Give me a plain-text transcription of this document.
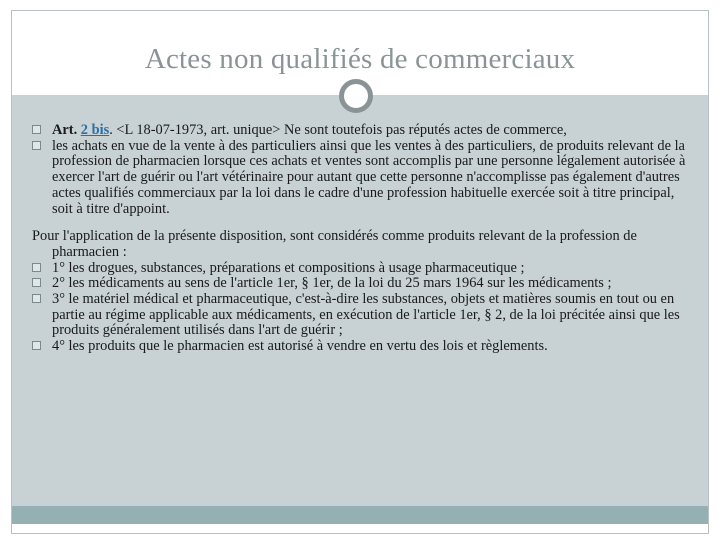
Actes non qualifiés de commerciaux

Art. 2 bis. <L 18-07-1973, art. unique> Ne sont toutefois pas réputés actes de commerce,

les achats en vue de la vente à des particuliers ainsi que les ventes à des particuliers, de produits relevant de la profession de pharmacien lorsque ces achats et ventes sont accomplis par une personne légalement autorisée à exercer l'art de guérir ou l'art vétérinaire pour autant que cette personne n'accomplisse pas également d'autres actes qualifiés commerciaux par la loi dans le cadre d'une profession habituelle exercée soit à titre principal, soit à titre d'appoint.

Pour l'application de la présente disposition, sont considérés comme produits relevant de la profession de pharmacien :

1° les drogues, substances, préparations et compositions à usage pharmaceutique ;

2° les médicaments au sens de l'article 1er, § 1er, de la loi du 25 mars 1964 sur les médicaments ;

3° le matériel médical et pharmaceutique, c'est-à-dire les substances, objets et matières soumis en tout ou en partie au régime applicable aux médicaments, en exécution de l'article 1er, § 2, de la loi précitée ainsi que les produits généralement utilisés dans l'art de guérir ;

4° les produits que le pharmacien est autorisé à vendre en vertu des lois et règlements.
